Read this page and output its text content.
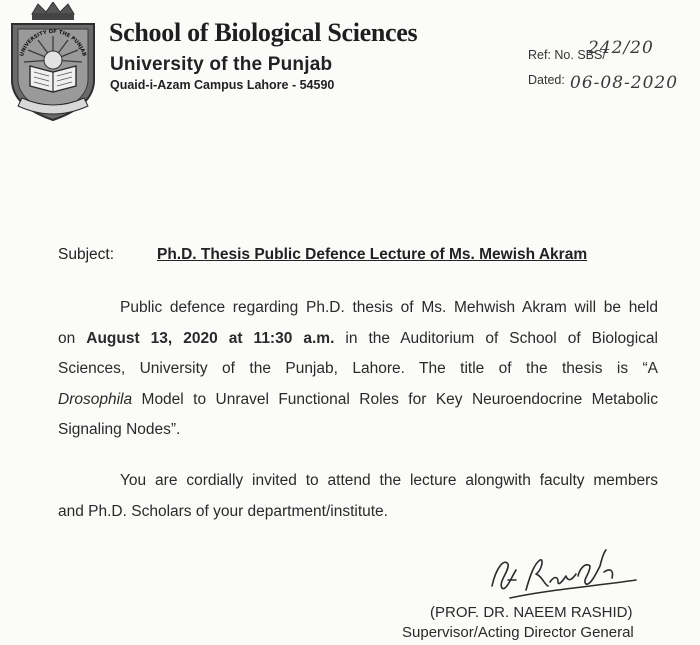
UNIVERSITY OF THE PUNJAB
School of Biological Sciences
University of the Punjab
Quaid-i-Azam Campus Lahore - 54590
Ref: No. SBS/
242/20
Dated: 06-08-2020
Subject:	Ph.D. Thesis Public Defence Lecture of Ms. Mewish Akram
Public defence regarding Ph.D. thesis of Ms. Mehwish Akram will be held
on August 13, 2020 at 11:30 a.m. in the Auditorium of School of Biological
Sciences, University of the Punjab, Lahore. The title of the thesis is “A
Drosophila Model to Unravel Functional Roles for Key Neuroendocrine Metabolic
Signaling Nodes”.
You are cordially invited to attend the lecture alongwith faculty members
and Ph.D. Scholars of your department/institute.
(PROF. DR. NAEEM RASHID)
Supervisor/Acting Director General
